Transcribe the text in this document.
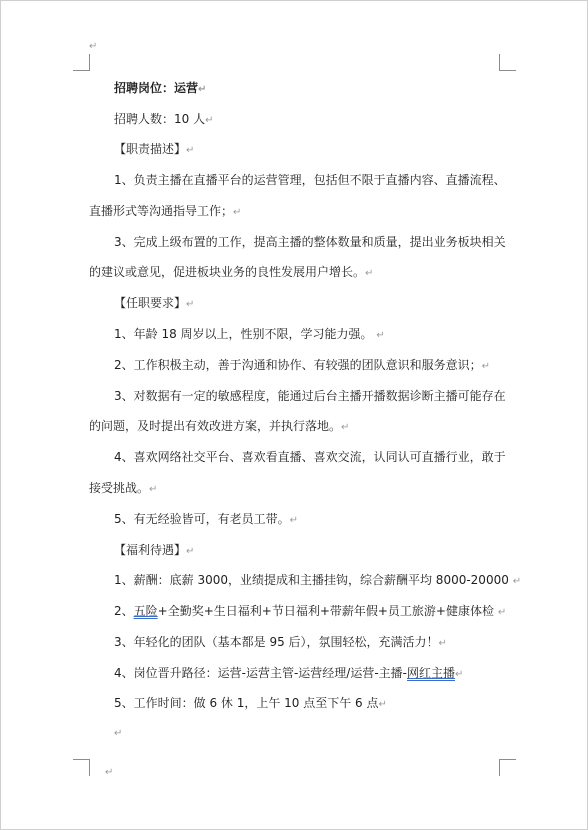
↵
招聘岗位：运营↵
招聘人数：10 人↵
【职责描述】↵
1、负责主播在直播平台的运营管理，包括但不限于直播内容、直播流程、
直播形式等沟通指导工作；↵
3、完成上级布置的工作，提高主播的整体数量和质量，提出业务板块相关
的建议或意见，促进板块业务的良性发展用户增长。↵
【任职要求】↵
1、年龄 18 周岁以上，性别不限，学习能力强。 ↵
2、工作积极主动，善于沟通和协作、有较强的团队意识和服务意识；↵
3、对数据有一定的敏感程度，能通过后台主播开播数据诊断主播可能存在
的问题，及时提出有效改进方案，并执行落地。↵
4、喜欢网络社交平台、喜欢看直播、喜欢交流，认同认可直播行业，敢于
接受挑战。↵
5、有无经验皆可，有老员工带。↵
【福利待遇】↵
1、薪酬：底薪 3000，业绩提成和主播挂钩，综合薪酬平均 8000-20000 ↵
2、五险+全勤奖+生日福利+节日福利+带薪年假+员工旅游+健康体检 ↵
3、年轻化的团队（基本都是 95 后），氛围轻松，充满活力！↵
4、岗位晋升路径：运营-运营主管-运营经理/运营-主播-网红主播↵
5、工作时间：做 6 休 1，上午 10 点至下午 6 点↵
↵
↵
